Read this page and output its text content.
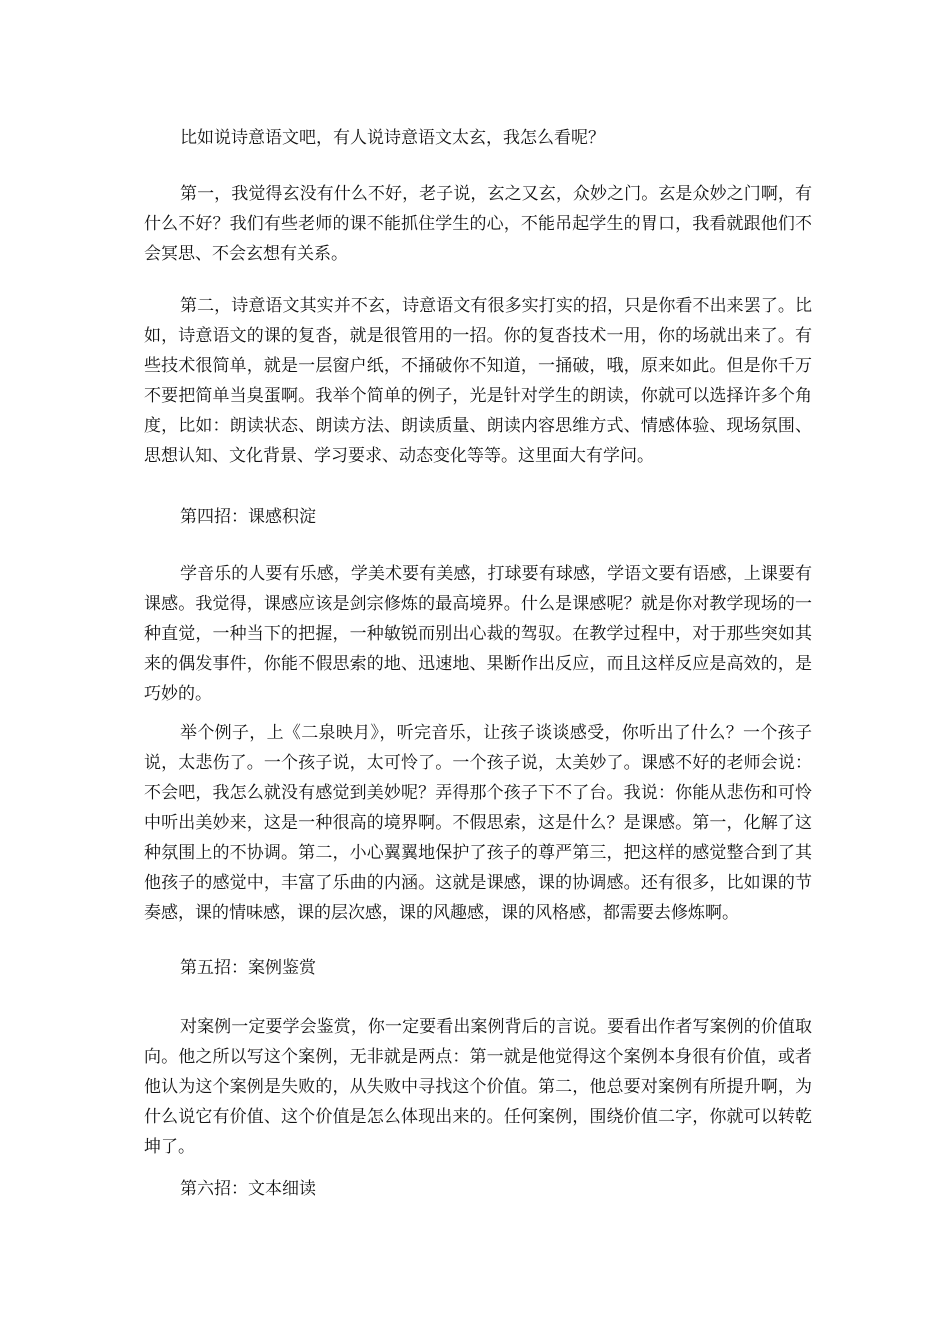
比如说诗意语文吧，有人说诗意语文太玄，我怎么看呢？

第一，我觉得玄没有什么不好，老子说，玄之又玄，众妙之门。玄是众妙之门啊，有什么不好？我们有些老师的课不能抓住学生的心，不能吊起学生的胃口，我看就跟他们不会冥思、不会玄想有关系。

第二，诗意语文其实并不玄，诗意语文有很多实打实的招，只是你看不出来罢了。比如，诗意语文的课的复沓，就是很管用的一招。你的复沓技术一用，你的场就出来了。有些技术很简单，就是一层窗户纸，不捅破你不知道，一捅破，哦，原来如此。但是你千万不要把简单当臭蛋啊。我举个简单的例子，光是针对学生的朗读，你就可以选择许多个角度，比如：朗读状态、朗读方法、朗读质量、朗读内容思维方式、情感体验、现场氛围、思想认知、文化背景、学习要求、动态变化等等。这里面大有学问。

第四招：课感积淀

学音乐的人要有乐感，学美术要有美感，打球要有球感，学语文要有语感，上课要有课感。我觉得，课感应该是剑宗修炼的最高境界。什么是课感呢？就是你对教学现场的一种直觉，一种当下的把握，一种敏锐而别出心裁的驾驭。在教学过程中，对于那些突如其来的偶发事件，你能不假思索的地、迅速地、果断作出反应，而且这样反应是高效的，是巧妙的。

举个例子，上《二泉映月》，听完音乐，让孩子谈谈感受，你听出了什么？一个孩子说，太悲伤了。一个孩子说，太可怜了。一个孩子说，太美妙了。课感不好的老师会说：不会吧，我怎么就没有感觉到美妙呢？弄得那个孩子下不了台。我说：你能从悲伤和可怜中听出美妙来，这是一种很高的境界啊。不假思索，这是什么？是课感。第一，化解了这种氛围上的不协调。第二，小心翼翼地保护了孩子的尊严第三，把这样的感觉整合到了其他孩子的感觉中，丰富了乐曲的内涵。这就是课感，课的协调感。还有很多，比如课的节奏感，课的情味感，课的层次感，课的风趣感，课的风格感，都需要去修炼啊。

第五招：案例鉴赏

对案例一定要学会鉴赏，你一定要看出案例背后的言说。要看出作者写案例的价值取向。他之所以写这个案例，无非就是两点：第一就是他觉得这个案例本身很有价值，或者他认为这个案例是失败的，从失败中寻找这个价值。第二，他总要对案例有所提升啊，为什么说它有价值、这个价值是怎么体现出来的。任何案例，围绕价值二字，你就可以转乾坤了。

第六招：文本细读
